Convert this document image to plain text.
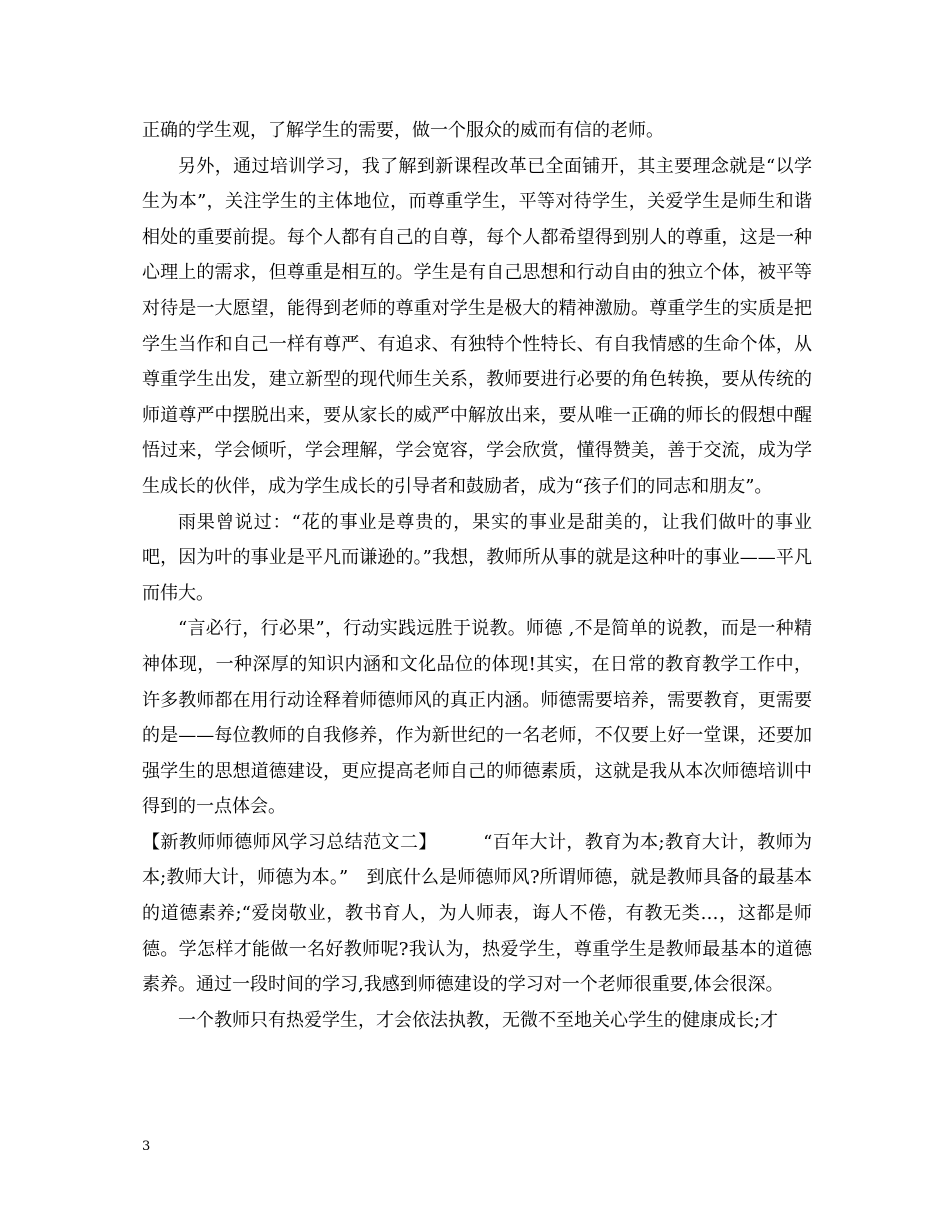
正确的学生观，了解学生的需要，做一个服众的威而有信的老师。

另外，通过培训学习，我了解到新课程改革已全面铺开，其主要理念就是“以学生为本”，关注学生的主体地位，而尊重学生，平等对待学生，关爱学生是师生和谐相处的重要前提。每个人都有自己的自尊，每个人都希望得到别人的尊重，这是一种心理上的需求，但尊重是相互的。学生是有自己思想和行动自由的独立个体，被平等对待是一大愿望，能得到老师的尊重对学生是极大的精神激励。尊重学生的实质是把学生当作和自己一样有尊严、有追求、有独特个性特长、有自我情感的生命个体，从尊重学生出发，建立新型的现代师生关系，教师要进行必要的角色转换，要从传统的师道尊严中摆脱出来，要从家长的威严中解放出来，要从唯一正确的师长的假想中醒悟过来，学会倾听，学会理解，学会宽容，学会欣赏，懂得赞美，善于交流，成为学生成长的伙伴，成为学生成长的引导者和鼓励者，成为“孩子们的同志和朋友”。

雨果曾说过：“花的事业是尊贵的，果实的事业是甜美的，让我们做叶的事业吧，因为叶的事业是平凡而谦逊的。”我想，教师所从事的就是这种叶的事业——平凡而伟大。

“言必行，行必果”，行动实践远胜于说教。师德 ,不是简单的说教，而是一种精神体现，一种深厚的知识内涵和文化品位的体现!其实，在日常的教育教学工作中，许多教师都在用行动诠释着师德师风的真正内涵。师德需要培养，需要教育，更需要的是——每位教师的自我修养，作为新世纪的一名老师，不仅要上好一堂课，还要加强学生的思想道德建设，更应提高老师自己的师德素质，这就是我从本次师德培训中得到的一点体会。

【新教师师德师风学习总结范文二】　　　“百年大计，教育为本;教育大计，教师为本;教师大计，师德为本。”　到底什么是师德师风?所谓师德，就是教师具备的最基本的道德素养;“爱岗敬业，教书育人，为人师表，诲人不倦，有教无类…，这都是师德。学怎样才能做一名好教师呢?我认为，热爱学生，尊重学生是教师最基本的道德素养。通过一段时间的学习,我感到师德建设的学习对一个老师很重要,体会很深。

一个教师只有热爱学生，才会依法执教，无微不至地关心学生的健康成长;才

3
